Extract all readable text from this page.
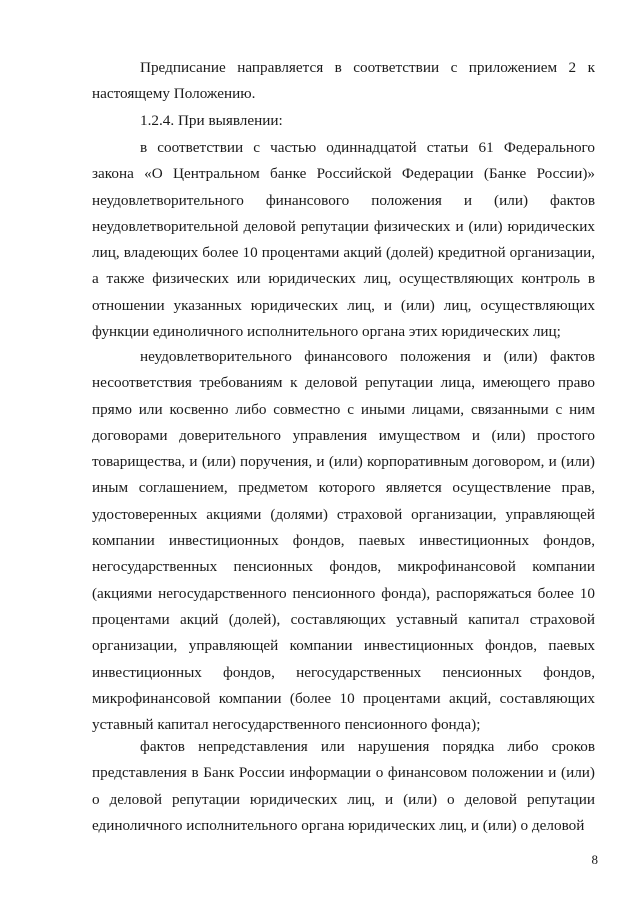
Предписание направляется в соответствии с приложением 2 к настоящему Положению.

1.2.4. При выявлении:

в соответствии с частью одиннадцатой статьи 61 Федерального закона «О Центральном банке Российской Федерации (Банке России)» неудовлетворительного финансового положения и (или) фактов неудовлетворительной деловой репутации физических и (или) юридических лиц, владеющих более 10 процентами акций (долей) кредитной организации, а также физических или юридических лиц, осуществляющих контроль в отношении указанных юридических лиц, и (или) лиц, осуществляющих функции единоличного исполнительного органа этих юридических лиц;

неудовлетворительного финансового положения и (или) фактов несоответствия требованиям к деловой репутации лица, имеющего право прямо или косвенно либо совместно с иными лицами, связанными с ним договорами доверительного управления имуществом и (или) простого товарищества, и (или) поручения, и (или) корпоративным договором, и (или) иным соглашением, предметом которого является осуществление прав, удостоверенных акциями (долями) страховой организации, управляющей компании инвестиционных фондов, паевых инвестиционных фондов, негосударственных пенсионных фондов, микрофинансовой компании (акциями негосударственного пенсионного фонда), распоряжаться более 10 процентами акций (долей), составляющих уставный капитал страховой организации, управляющей компании инвестиционных фондов, паевых инвестиционных фондов, негосударственных пенсионных фондов, микрофинансовой компании (более 10 процентами акций, составляющих уставный капитал негосударственного пенсионного фонда);

фактов непредставления или нарушения порядка либо сроков представления в Банк России информации о финансовом положении и (или) о деловой репутации юридических лиц, и (или) о деловой репутации единоличного исполнительного органа юридических лиц, и (или) о деловой

8
